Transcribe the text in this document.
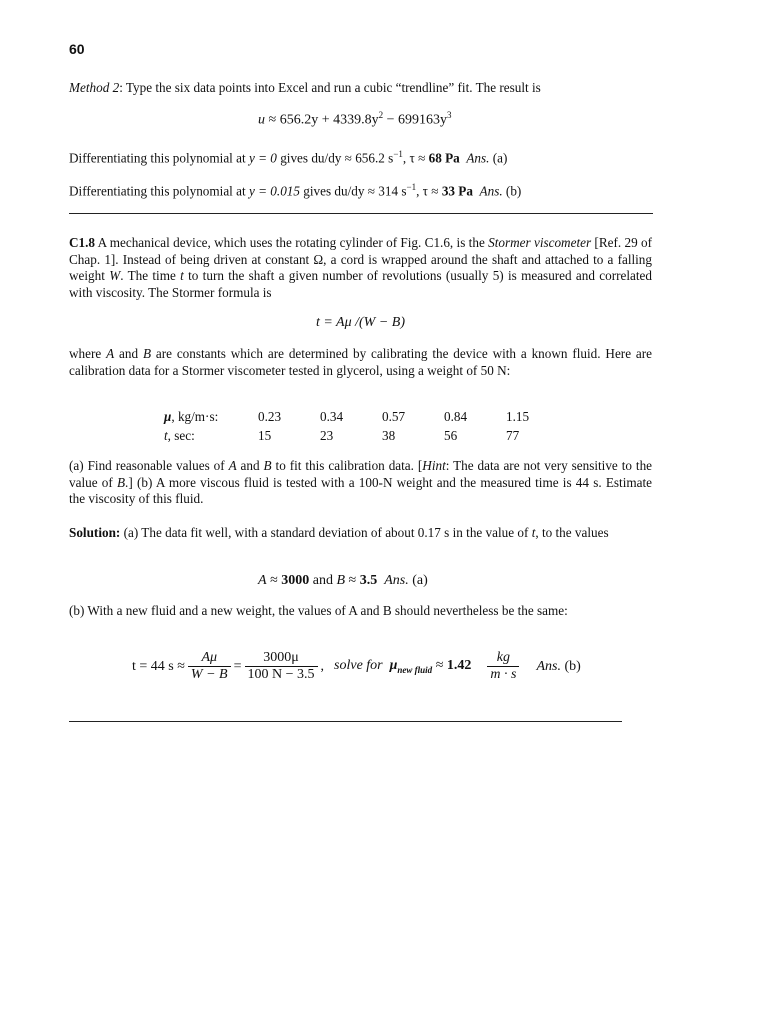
60
Method 2: Type the six data points into Excel and run a cubic “trendline” fit. The result is
$u \approx 656.2y + 4339.8y^2 - 699163y^3$
Differentiating this polynomial at y = 0 gives du/dy ≈ 656.2 $s^{-1}$, τ ≈ 68 Pa Ans. (a)
Differentiating this polynomial at y = 0.015 gives du/dy ≈ 314 $s^{-1}$, τ ≈ 33 Pa Ans. (b)
C1.8 A mechanical device, which uses the rotating cylinder of Fig. C1.6, is the Stormer viscometer [Ref. 29 of Chap. 1]. Instead of being driven at constant Ω, a cord is wrapped around the shaft and attached to a falling weight W. The time t to turn the shaft a given number of revolutions (usually 5) is measured and correlated with viscosity. The Stormer formula is
t = Aμ /(W − B)
where A and B are constants which are determined by calibrating the device with a known fluid. Here are calibration data for a Stormer viscometer tested in glycerol, using a weight of 50 N:
μ, kg/m·s:	0.23	0.34	0.57	0.84	1.15
t, sec:	15	23	38	56	77
(a) Find reasonable values of A and B to fit this calibration data. [Hint: The data are not very sensitive to the value of B.] (b) A more viscous fluid is tested with a 100-N weight and the measured time is 44 s. Estimate the viscosity of this fluid.
Solution: (a) The data fit well, with a standard deviation of about 0.17 s in the value of t, to the values
A ≈ 3000 and B ≈ 3.5 Ans. (a)
(b) With a new fluid and a new weight, the values of A and B should nevertheless be the same:
t = 44 $s \approx \frac{A\mu}{W - B} = \frac{3000\mu}{100 N - 3.5}$ , solve for  $\mu_{new fluid} \approx 1.42 \frac{kg}{m \cdot s}$ Ans. (b)
